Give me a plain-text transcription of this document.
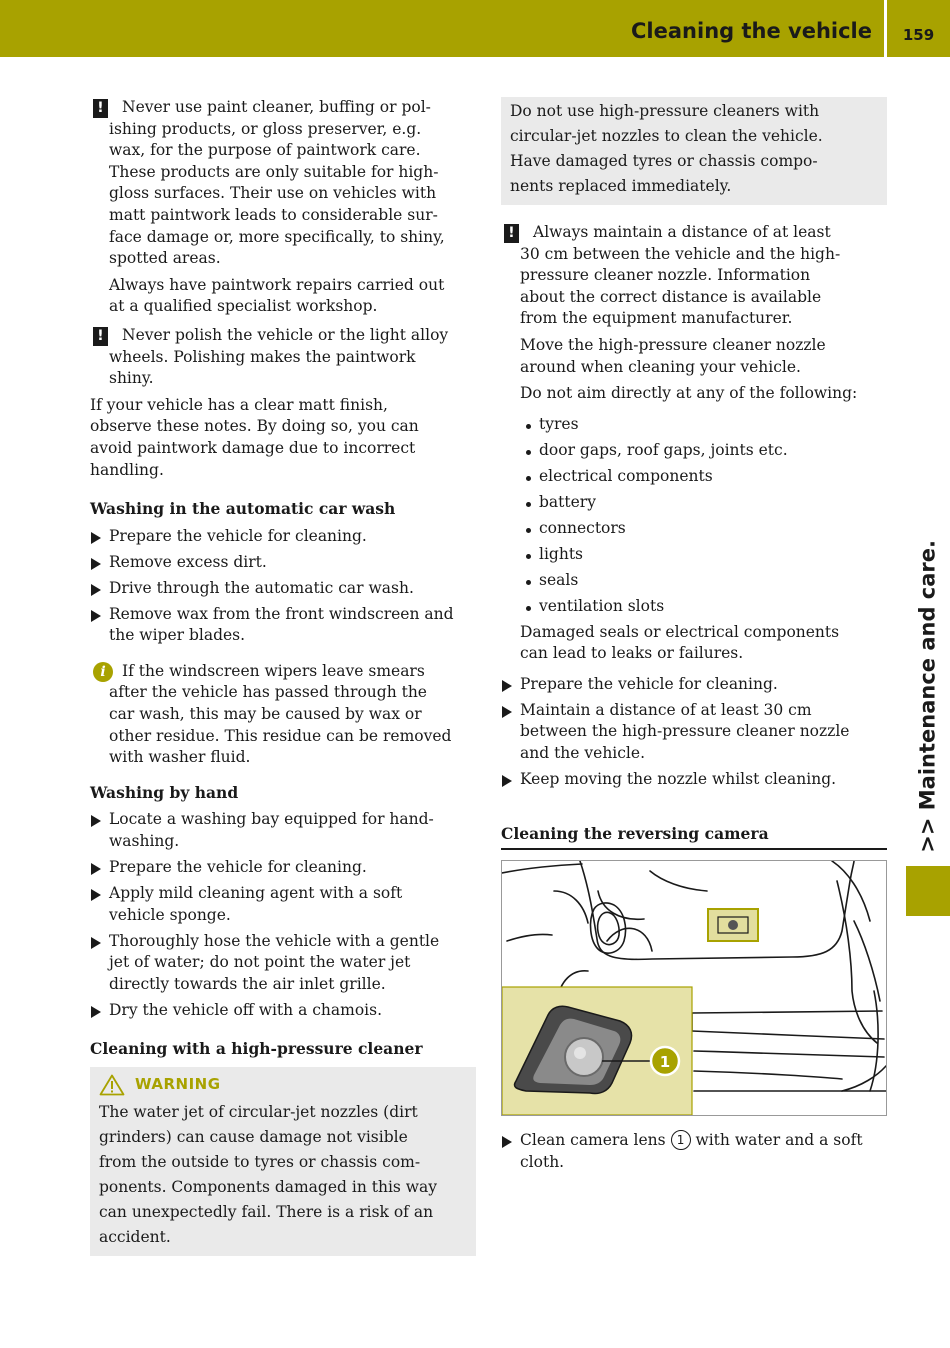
Cleaning the vehicle	159
>> Maintenance and care.
!	Never use paint cleaner, buffing or pol-
ishing products, or gloss preserver, e.g.
wax, for the purpose of paintwork care.
These products are only suitable for high-
gloss surfaces. Their use on vehicles with
matt paintwork leads to considerable sur-
face damage or, more specifically, to shiny,
spotted areas.

Always have paintwork repairs carried out
at a qualified specialist workshop.

!	Never polish the vehicle or the light alloy
wheels. Polishing makes the paintwork
shiny.

If your vehicle has a clear matt finish,
observe these notes. By doing so, you can
avoid paintwork damage due to incorrect
handling.

Washing in the automatic car wash
Prepare the vehicle for cleaning.
Remove excess dirt.
Drive through the automatic car wash.
Remove wax from the front windscreen and
the wiper blades.
i	If the windscreen wipers leave smears
after the vehicle has passed through the
car wash, this may be caused by wax or
other residue. This residue can be removed
with washer fluid.

Washing by hand
Locate a washing bay equipped for hand-
washing.
Prepare the vehicle for cleaning.
Apply mild cleaning agent with a soft
vehicle sponge.
Thoroughly hose the vehicle with a gentle
jet of water; do not point the water jet
directly towards the air inlet grille.
Dry the vehicle off with a chamois.
Cleaning with a high-pressure cleaner
WARNING

The water jet of circular-jet nozzles (dirt
grinders) can cause damage not visible
from the outside to tyres or chassis com-
ponents. Components damaged in this way
can unexpectedly fail. There is a risk of an
accident.

Do not use high-pressure cleaners with
circular-jet nozzles to clean the vehicle.
Have damaged tyres or chassis compo-
nents replaced immediately.

!	Always maintain a distance of at least
30 cm between the vehicle and the high-
pressure cleaner nozzle. Information
about the correct distance is available
from the equipment manufacturer.

Move the high-pressure cleaner nozzle
around when cleaning your vehicle.

Do not aim directly at any of the following:

tyres
door gaps, roof gaps, joints etc.
electrical components
battery
connectors
lights
seals
ventilation slots

Damaged seals or electrical components
can lead to leaks or failures.

Prepare the vehicle for cleaning.
Maintain a distance of at least 30 cm
between the high-pressure cleaner nozzle
and the vehicle.
Keep moving the nozzle whilst cleaning.
Cleaning the reversing camera
1
Clean camera lens 1 with water and a soft
cloth.
